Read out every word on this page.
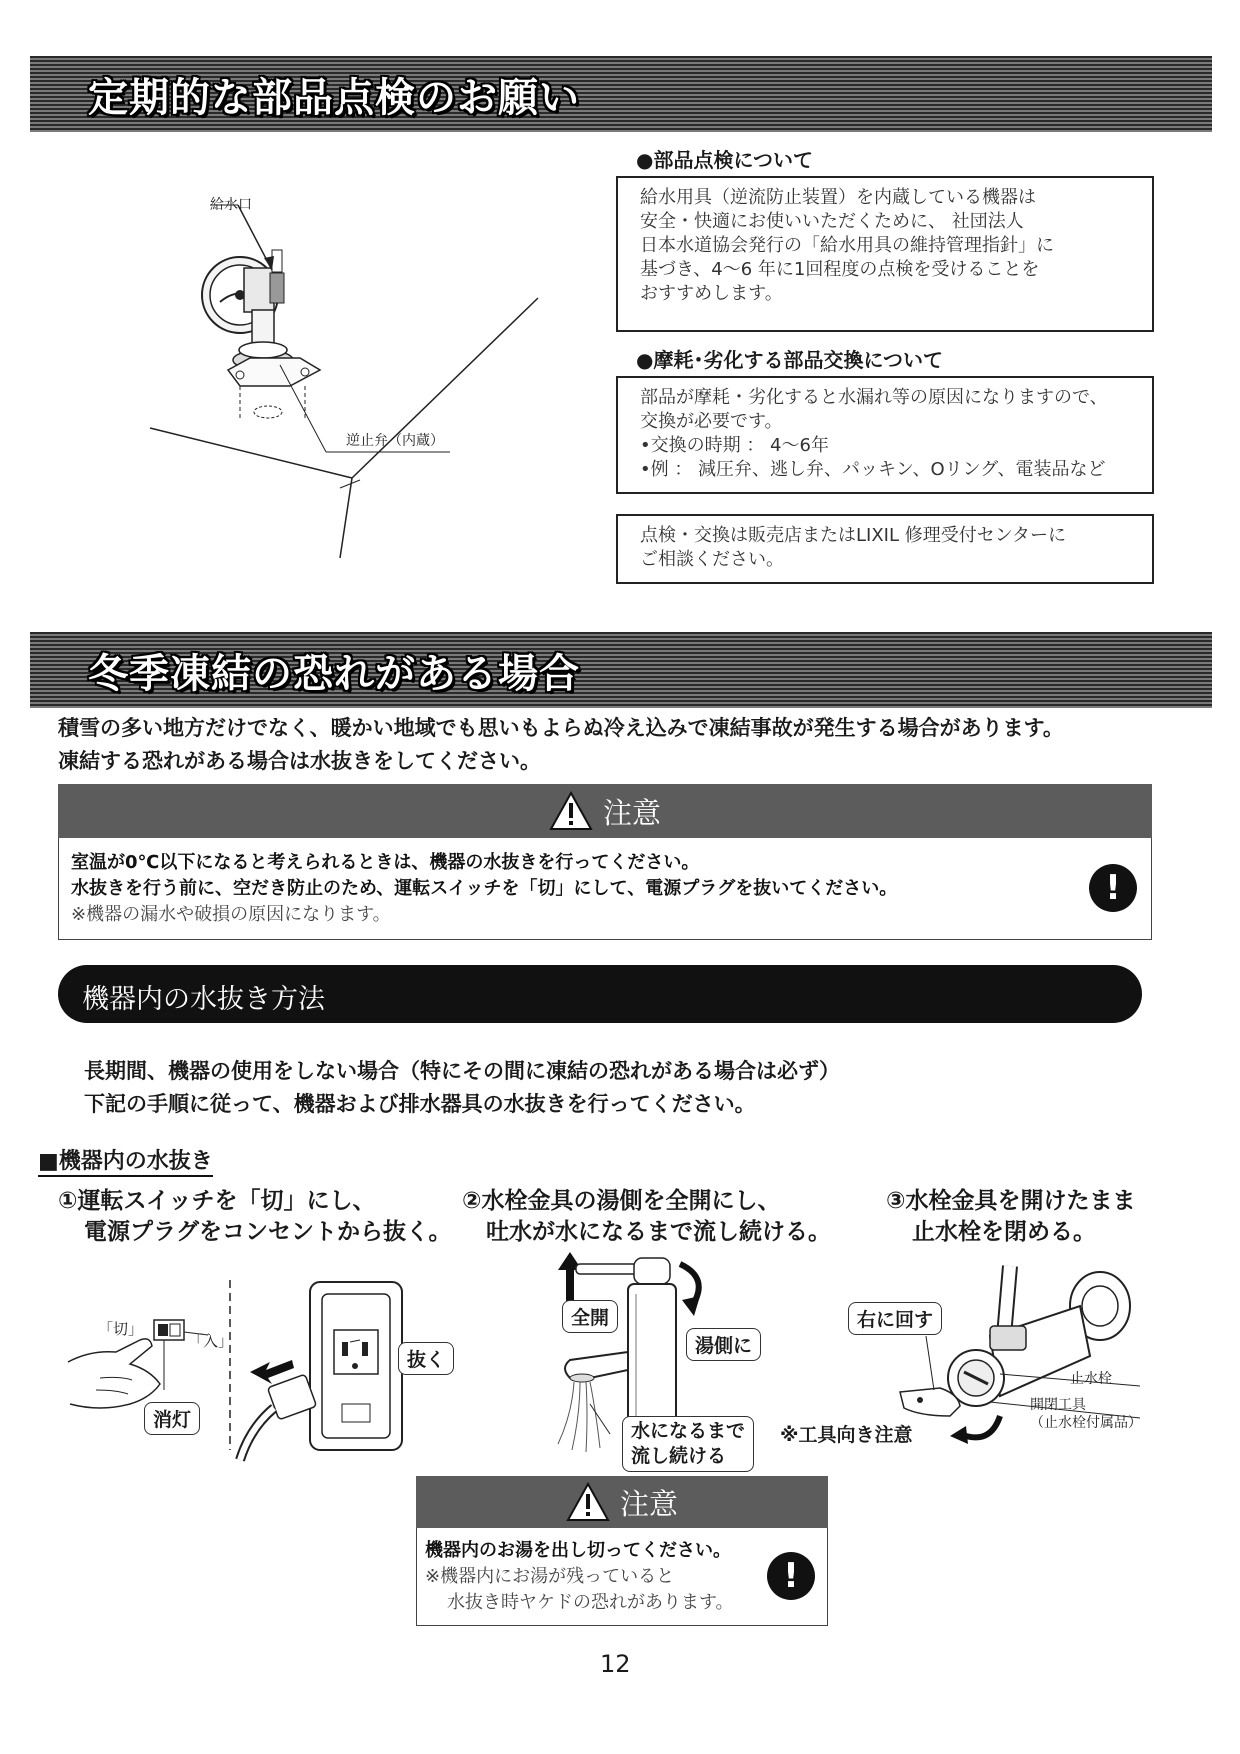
定期的な部品点検のお願い
給水口
逆止弁（内蔵）
●部品点検について

給水用具（逆流防止装置）を内蔵している機器は

安全・快適にお使いいただくために、 社団法人

日本水道協会発行の「給水用具の維持管理指針」に

基づき、4～6 年に1回程度の点検を受けることを

おすすめします。

●摩耗･劣化する部品交換について

部品が摩耗・劣化すると水漏れ等の原因になりますので、

交換が必要です。

•交換の時期 ： 4～6年

•例 ： 減圧弁、逃し弁、パッキン、Oリング、電装品など

点検・交換は販売店またはLIXIL 修理受付センターに

ご相談ください。

冬季凍結の恐れがある場合
積雪の多い地方だけでなく、暖かい地域でも思いもよらぬ冷え込みで凍結事故が発生する場合があります。
凍結する恐れがある場合は水抜きをしてください。
注意
室温が0℃以下になると考えられるときは、機器の水抜きを行ってください。
水抜きを行う前に、空だき防止のため、運転スイッチを「切」にして、電源プラグを抜いてください。
※機器の漏水や破損の原因になります。
!
機器内の水抜き方法
長期間、機器の使用をしない場合（特にその間に凍結の恐れがある場合は必ず）
下記の手順に従って、機器および排水器具の水抜きを行ってください。
■機器内の水抜き
①運転スイッチを「切」にし、
電源プラグをコンセントから抜く。
②水栓金具の湯側を全開にし、
吐水が水になるまで流し続ける。
③水栓金具を開けたまま
止水栓を閉める。
「切」
「入」
消灯
抜く
全開
湯側に
水になるまで
流し続ける
右に回す
※工具向き注意
止水栓
開閉工具
（止水栓付属品）
注意
機器内のお湯を出し切ってください。
※機器内にお湯が残っていると
水抜き時ヤケドの恐れがあります。
!
12
